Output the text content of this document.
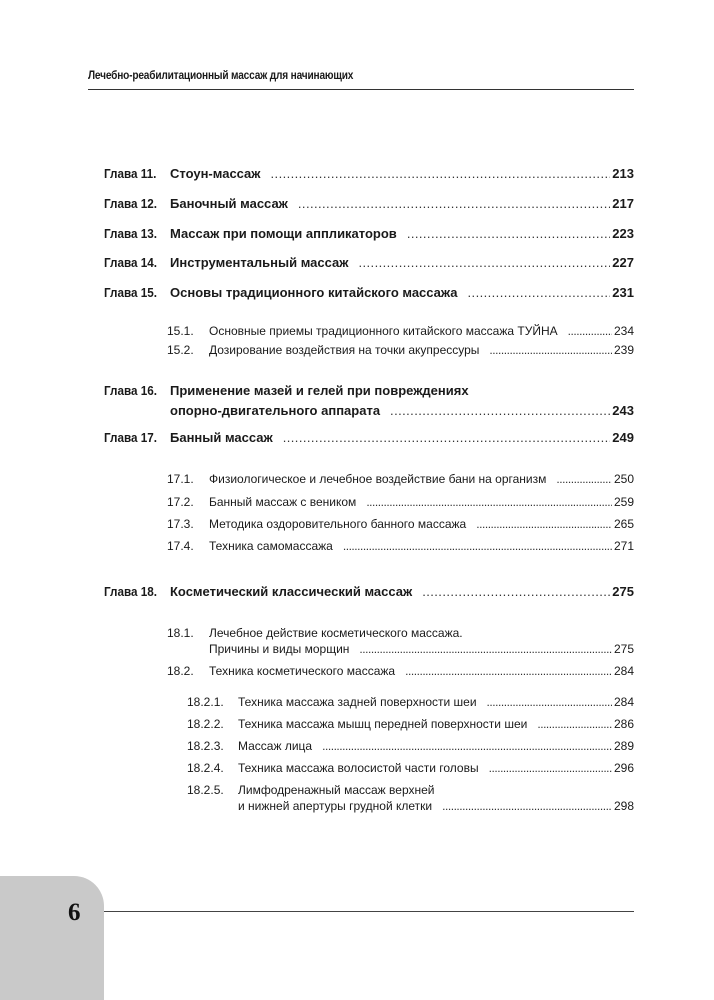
Лечебно-реабилитационный массаж для начинающих
Глава 11.	Стоун-массаж . . .	213
Глава 12. Баночный массаж . . .	217
Глава 13. Массаж при помощи аппликаторов . . .	223
Глава 14. Инструментальный массаж . . .	227
Глава 15. Основы традиционного китайского массажа . . .	231
15.1.	Основные приемы традиционного китайского массажа ТУЙНА . . .	234
15.2.	Дозирование воздействия на точки акупрессуры . . .	239
Глава 16. Применение мазей и гелей при повреждениях
опорно-двигательного аппарата . . .	243
Глава 17. Банный массаж . . .	249
17.1.	Физиологическое и лечебное воздействие бани на организм . . .	250
17.2.	Банный массаж с веником . . .	259
17.3.	Методика оздоровительного банного массажа . . .	265
17.4.	Техника самомассажа . . .	271
Глава 18. Косметический классический массаж . . .	275
18.1. Лечебное действие косметического массажа.
Причины и виды морщин . . .	275
18.2.	Техника косметического массажа . . .	284
18.2.1.	Техника массажа задней поверхности шеи . . .	284
18.2.2.	Техника массажа мышц передней поверхности шеи . . .	286
18.2.3.	Массаж лица . . .	289
18.2.4.	Техника массажа волосистой части головы . . .	296
18.2.5. Лимфодренажный массаж верхней
и нижней апертуры грудной клетки . . .	298
6
